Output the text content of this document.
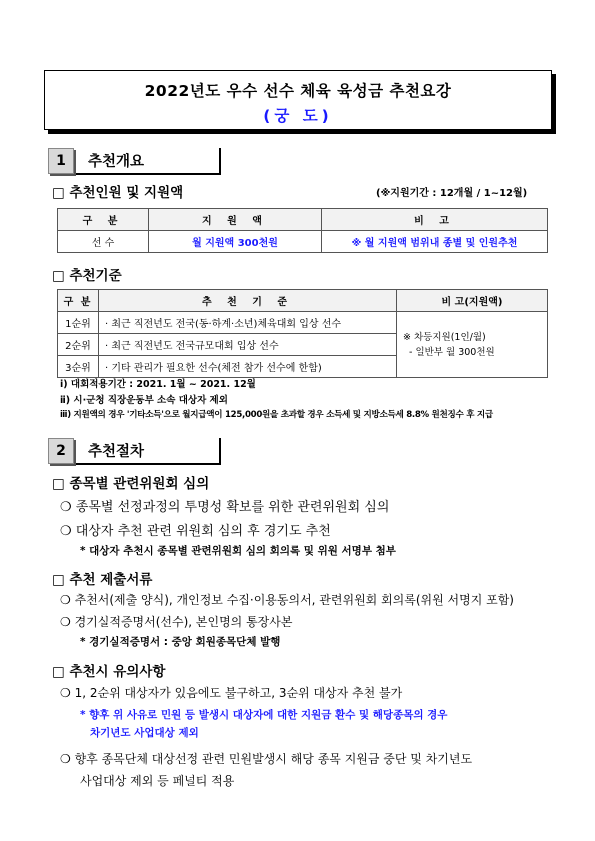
2022년도 우수 선수 체육 육성금 추천요강
(궁 도)
1	추천개요
□ 추천인원 및 지원액	(※지원기간 : 12개월 / 1~12월)
구 분	지 원 액	비 고
선 수	월 지원액 300천원	※ 월 지원액 범위내 종별 및 인원추천
□ 추천기준
구 분	추 천 기 준	비 고(지원액)
1순위	· 최근 직전년도 전국(동·하계·소년)체육대회 입상 선수	※ 차등지원(1인/월)
- 일반부 월 300천원

2순위	· 최근 직전년도 전국규모대회 입상 선수	
3순위	· 기타 관리가 필요한 선수(체전 참가 선수에 한함)	
ⅰ) 대회적용기간 : 2021. 1월 ~ 2021. 12월
ⅱ) 시·군청 직장운동부 소속 대상자 제외
ⅲ) 지원액의 경우 '기타소득'으로 월지급액이 125,000원을 초과할 경우 소득세 및 지방소득세 8.8% 원천징수 후 지급
2	추천절차
□ 종목별 관련위원회 심의
❍ 종목별 선정과정의 투명성 확보를 위한 관련위원회 심의
❍ 대상자 추천 관련 위원회 심의 후 경기도 추천
* 대상자 추천시 종목별 관련위원회 심의 회의록 및 위원 서명부 첨부
□ 추천 제출서류
❍ 추천서(제출 양식), 개인정보 수집·이용동의서, 관련위원회 회의록(위원 서명지 포함)
❍ 경기실적증명서(선수), 본인명의 통장사본
* 경기실적증명서 : 중앙 회원종목단체 발행
□ 추천시 유의사항
❍ 1, 2순위 대상자가 있음에도 불구하고, 3순위 대상자 추천 불가
* 향후 위 사유로 민원 등 발생시 대상자에 대한 지원금 환수 및 해당종목의 경우
차기년도 사업대상 제외
❍ 향후 종목단체 대상선정 관련 민원발생시 해당 종목 지원금 중단 및 차기년도
사업대상 제외 등 페널티 적용
